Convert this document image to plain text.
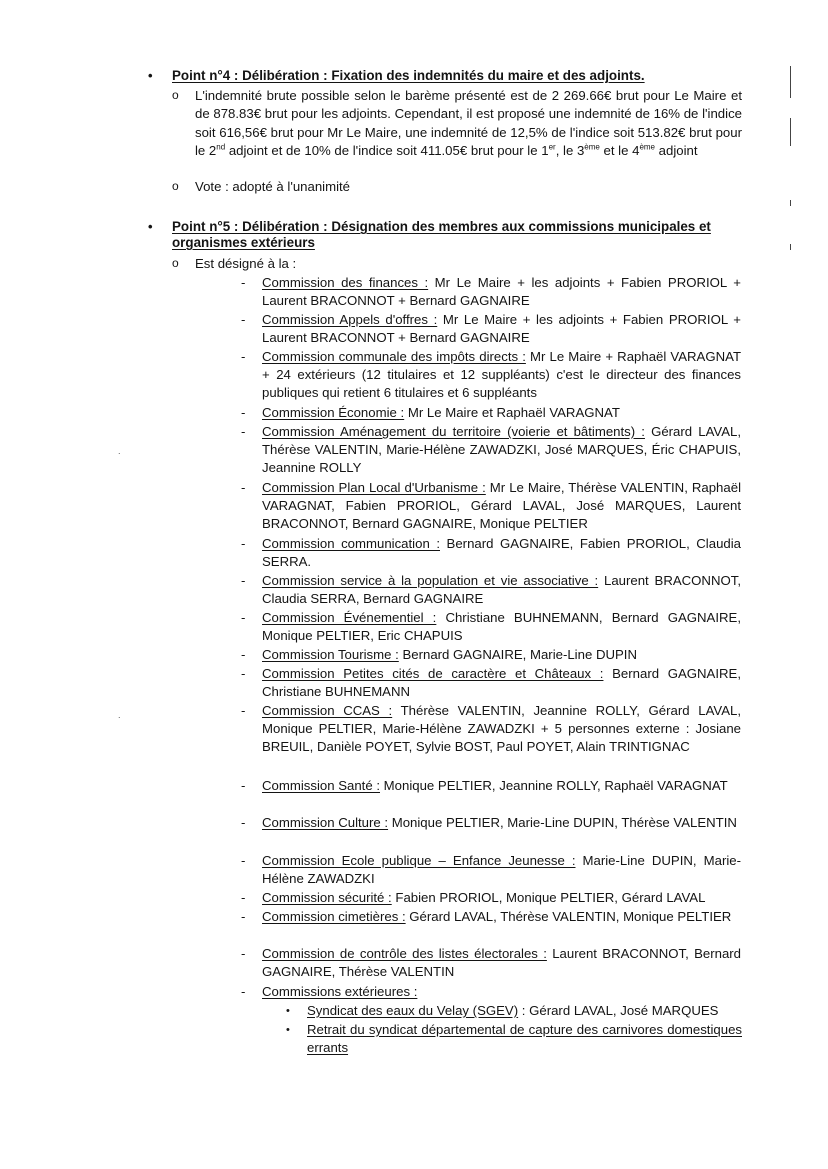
.
.
• Point n°4 : Délibération : Fixation des indemnités du maire et des adjoints.
o L'indemnité brute possible selon le barème présenté est de 2 269.66€ brut pour Le Maire et de 878.83€ brut pour les adjoints. Cependant, il est proposé une indemnité de 16% de l'indice soit 616,56€ brut pour Mr Le Maire, une indemnité de 12,5% de l'indice soit 513.82€ brut pour le 2nd adjoint et de 10% de l'indice soit 411.05€ brut pour le 1er, le 3ème et le 4ème adjoint
o Vote : adopté à l'unanimité
• Point n°5 : Délibération : Désignation des membres aux commissions municipales et organismes extérieurs
o Est désigné à la :
- Commission des finances : Mr Le Maire + les adjoints + Fabien PRORIOL + Laurent BRACONNOT + Bernard GAGNAIRE
- Commission Appels d'offres : Mr Le Maire + les adjoints + Fabien PRORIOL + Laurent BRACONNOT + Bernard GAGNAIRE
- Commission communale des impôts directs : Mr Le Maire + Raphaël VARAGNAT + 24 extérieurs (12 titulaires et 12 suppléants) c'est le directeur des finances publiques qui retient 6 titulaires et 6 suppléants
- Commission Économie : Mr Le Maire et Raphaël VARAGNAT
- Commission Aménagement du territoire (voierie et bâtiments) : Gérard LAVAL, Thérèse VALENTIN, Marie-Hélène ZAWADZKI, José MARQUES, Éric CHAPUIS, Jeannine ROLLY
- Commission Plan Local d'Urbanisme : Mr Le Maire, Thérèse VALENTIN, Raphaël VARAGNAT, Fabien PRORIOL, Gérard LAVAL, José MARQUES, Laurent BRACONNOT, Bernard GAGNAIRE, Monique PELTIER
- Commission communication : Bernard GAGNAIRE, Fabien PRORIOL, Claudia SERRA.
- Commission service à la population et vie associative : Laurent BRACONNOT, Claudia SERRA, Bernard GAGNAIRE
- Commission Événementiel : Christiane BUHNEMANN, Bernard GAGNAIRE, Monique PELTIER, Eric CHAPUIS
- Commission Tourisme : Bernard GAGNAIRE, Marie-Line DUPIN
- Commission Petites cités de caractère et Châteaux : Bernard GAGNAIRE, Christiane BUHNEMANN
- Commission CCAS : Thérèse VALENTIN, Jeannine ROLLY, Gérard LAVAL, Monique PELTIER, Marie-Hélène ZAWADZKI + 5 personnes externe : Josiane BREUIL, Danièle POYET, Sylvie BOST, Paul POYET, Alain TRINTIGNAC
- Commission Santé : Monique PELTIER, Jeannine ROLLY, Raphaël VARAGNAT
- Commission Culture : Monique PELTIER, Marie-Line DUPIN, Thérèse VALENTIN
- Commission Ecole publique – Enfance Jeunesse : Marie-Line DUPIN, Marie-Hélène ZAWADZKI
- Commission sécurité : Fabien PRORIOL, Monique PELTIER, Gérard LAVAL
- Commission cimetières : Gérard LAVAL, Thérèse VALENTIN, Monique PELTIER
- Commission de contrôle des listes électorales : Laurent BRACONNOT, Bernard GAGNAIRE, Thérèse VALENTIN
- Commissions extérieures :
• Syndicat des eaux du Velay (SGEV) : Gérard LAVAL, José MARQUES
• Retrait du syndicat départemental de capture des carnivores domestiques errants
